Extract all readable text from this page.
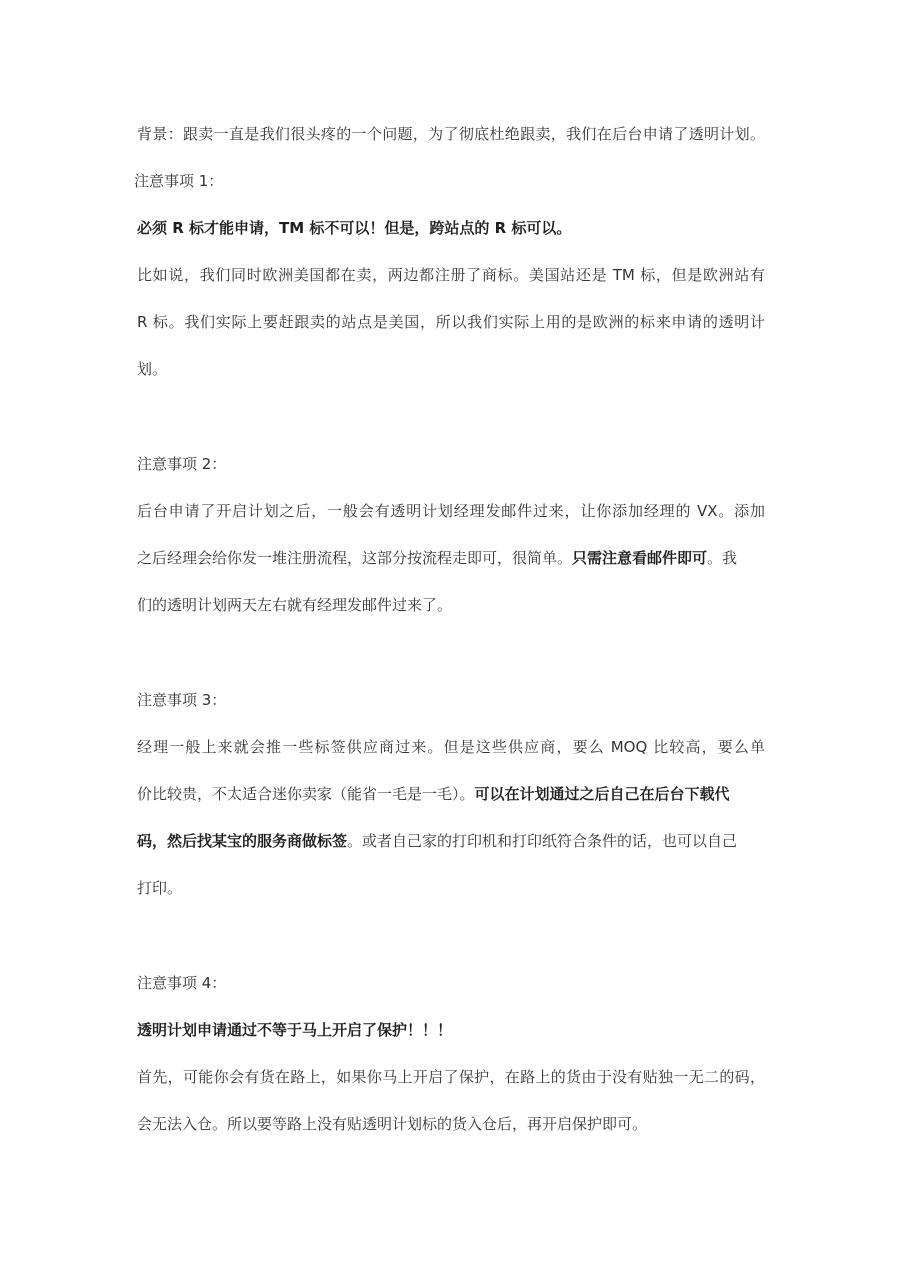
背景：跟卖一直是我们很头疼的一个问题，为了彻底杜绝跟卖，我们在后台申请了透明计划。
注意事项 1：
必须 R 标才能申请，TM 标不可以！但是，跨站点的 R 标可以。
比如说，我们同时欧洲美国都在卖，两边都注册了商标。美国站还是 TM 标，但是欧洲站有
R 标。我们实际上要赶跟卖的站点是美国，所以我们实际上用的是欧洲的标来申请的透明计
划。
注意事项 2：
后台申请了开启计划之后，一般会有透明计划经理发邮件过来，让你添加经理的 VX。添加
之后经理会给你发一堆注册流程，这部分按流程走即可，很简单。只需注意看邮件即可。我
们的透明计划两天左右就有经理发邮件过来了。
注意事项 3：
经理一般上来就会推一些标签供应商过来。但是这些供应商，要么 MOQ 比较高，要么单
价比较贵，不太适合迷你卖家（能省一毛是一毛）。可以在计划通过之后自己在后台下载代
码，然后找某宝的服务商做标签。或者自己家的打印机和打印纸符合条件的话，也可以自己
打印。
注意事项 4：
透明计划申请通过不等于马上开启了保护！！！
首先，可能你会有货在路上，如果你马上开启了保护，在路上的货由于没有贴独一无二的码，
会无法入仓。所以要等路上没有贴透明计划标的货入仓后，再开启保护即可。
